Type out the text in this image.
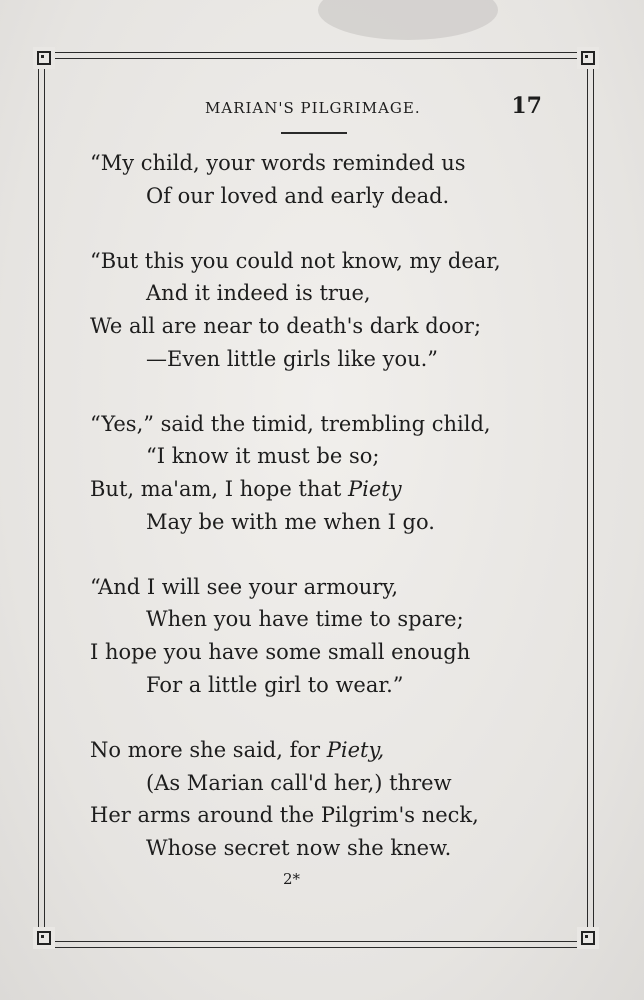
MARIAN'S PILGRIMAGE.	17
“My child, your words reminded us
Of our loved and early dead.
“But this you could not know, my dear,
And it indeed is true,
We all are near to death's dark door;
—Even little girls like you.”
“Yes,” said the timid, trembling child,
“I know it must be so;
But, ma'am, I hope that Piety
May be with me when I go.
“And I will see your armoury,
When you have time to spare;
I hope you have some small enough
For a little girl to wear.”
No more she said, for Piety,
(As Marian call'd her,) threw
Her arms around the Pilgrim's neck,
Whose secret now she knew.
2*
